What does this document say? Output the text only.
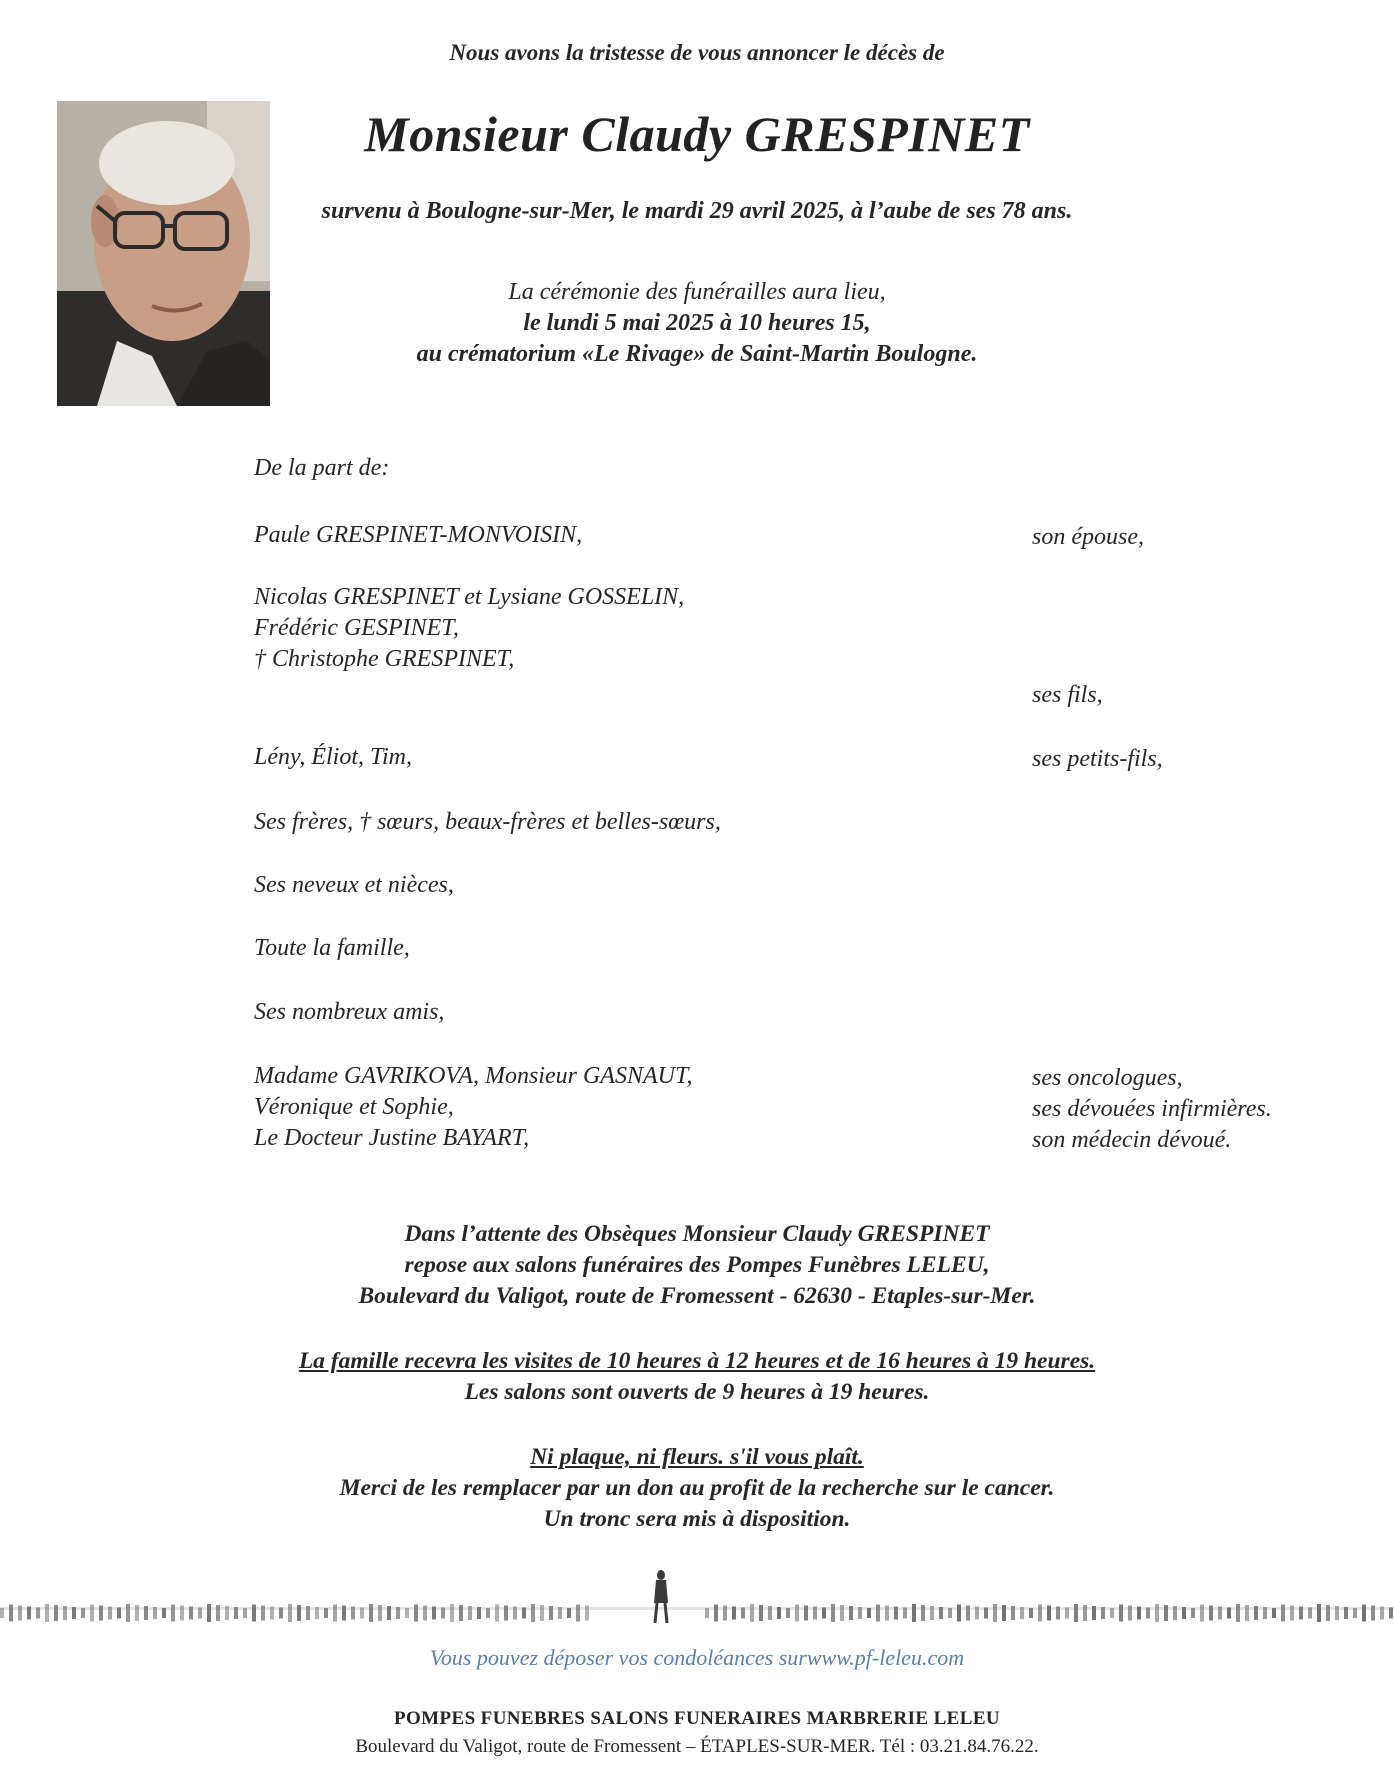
Nous avons la tristesse de vous annoncer le décès de
Monsieur Claudy GRESPINET
survenu à Boulogne-sur-Mer, le mardi 29 avril 2025, à l’aube de ses 78 ans.
La cérémonie des funérailles aura lieu,
le lundi 5 mai 2025 à 10 heures 15,
au crématorium «Le Rivage» de Saint-Martin Boulogne.
De la part de:
Paule GRESPINET-MONVOISIN,	son épouse,
Nicolas GRESPINET et Lysiane GOSSELIN,
Frédéric GESPINET,
† Christophe GRESPINET,
ses fils,
Lény, Éliot, Tim,	ses petits-fils,
Ses frères, † sœurs, beaux-frères et belles-sœurs,
Ses neveux et nièces,
Toute la famille,
Ses nombreux amis,
Madame GAVRIKOVA, Monsieur GASNAUT,	ses oncologues,
Véronique et Sophie,	ses dévouées infirmières.
Le Docteur Justine BAYART,	son médecin dévoué.
Dans l’attente des Obsèques Monsieur Claudy GRESPINET
repose aux salons funéraires des Pompes Funèbres LELEU,
Boulevard du Valigot, route de Fromessent - 62630 - Etaples-sur-Mer.
La famille recevra les visites de 10 heures à 12 heures et de 16 heures à 19 heures.
Les salons sont ouverts de 9 heures à 19 heures.
Ni plaque, ni fleurs. s'il vous plaît.
Merci de les remplacer par un don au profit de la recherche sur le cancer.
Un tronc sera mis à disposition.
Vous pouvez déposer vos condoléances surwww.pf-leleu.com
POMPES FUNEBRES SALONS FUNERAIRES MARBRERIE LELEU
Boulevard du Valigot, route de Fromessent – ÉTAPLES-SUR-MER. Tél : 03.21.84.76.22.
